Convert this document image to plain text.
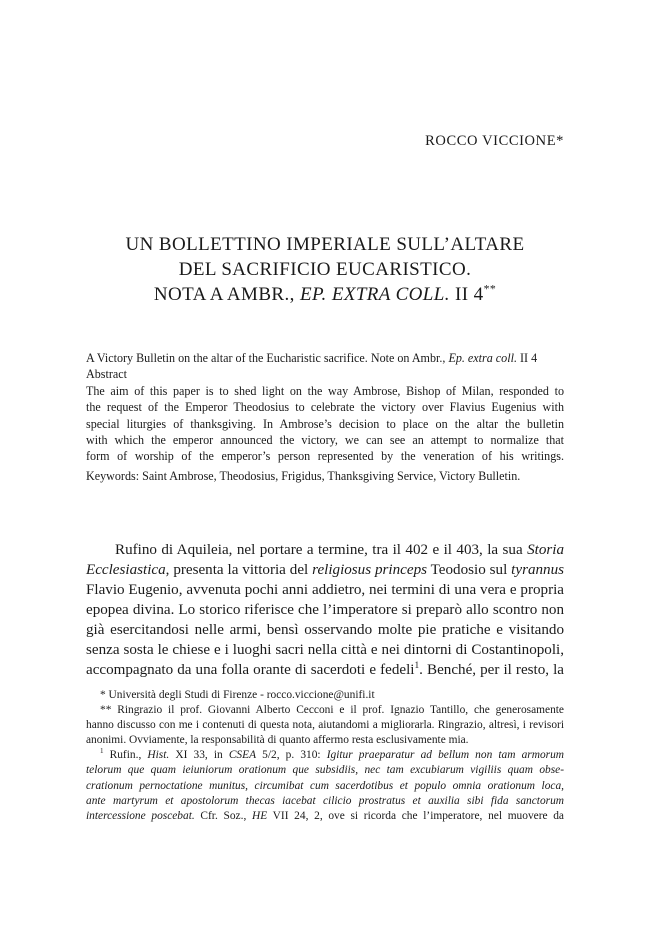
ROCCO VICCIONE*
UN BOLLETTINO IMPERIALE SULL’ALTARE
DEL SACRIFICIO EUCARISTICO.
NOTA A AMBR., EP. EXTRA COLL. II 4**

A Victory Bulletin on the altar of the Eucharistic sacrifice. Note on Ambr., Ep. extra coll. II 4

Abstract

The aim of this paper is to shed light on the way Ambrose, Bishop of Milan, responded to

the request of the Emperor Theodosius to celebrate the victory over Flavius Eugenius with

special liturgies of thanksgiving. In Ambrose’s decision to place on the altar the bulletin

with which the emperor announced the victory, we can see an attempt to normalize that

form of worship of the emperor’s person represented by the veneration of his writings.

Keywords: Saint Ambrose, Theodosius, Frigidus, Thanksgiving Service, Victory Bulletin.

Rufino di Aquileia, nel portare a termine, tra il 402 e il 403, la sua Storia
Ecclesiastica, presenta la vittoria del religiosus princeps Teodosio sul tyrannus
Flavio Eugenio, avvenuta pochi anni addietro, nei termini di una vera e propria
epopea divina. Lo storico riferisce che l’imperatore si preparò allo scontro non
già esercitandosi nelle armi, bensì osservando molte pie pratiche e visitando
senza sosta le chiese e i luoghi sacri nella città e nei dintorni di Costantinopoli,
accompagnato da una folla orante di sacerdoti e fedeli$^1$. Benché, per il resto, la
* Università degli Studi di Firenze - rocco.viccione@unifi.it
** Ringrazio il prof. Giovanni Alberto Cecconi e il prof. Ignazio Tantillo, che generosamente
hanno discusso con me i contenuti di questa nota, aiutandomi a migliorarla. Ringrazio, altresì, i revisori
anonimi. Ovviamente, la responsabilità di quanto affermo resta esclusivamente mia.
$^1$ Rufin., Hist. XI 33, in CSEA 5/2, p. 310: Igitur praeparatur ad bellum non tam armorum
telorum que quam ieiuniorum orationum que subsidiis, nec tam excubiarum vigiliis quam obse-
crationum pernoctatione munitus, circumibat cum sacerdotibus et populo omnia orationum loca,
ante martyrum et apostolorum thecas iacebat cilicio prostratus et auxilia sibi fida sanctorum
intercessione poscebat. Cfr. Soz., HE VII 24, 2, ove si ricorda che l’imperatore, nel muovere da
